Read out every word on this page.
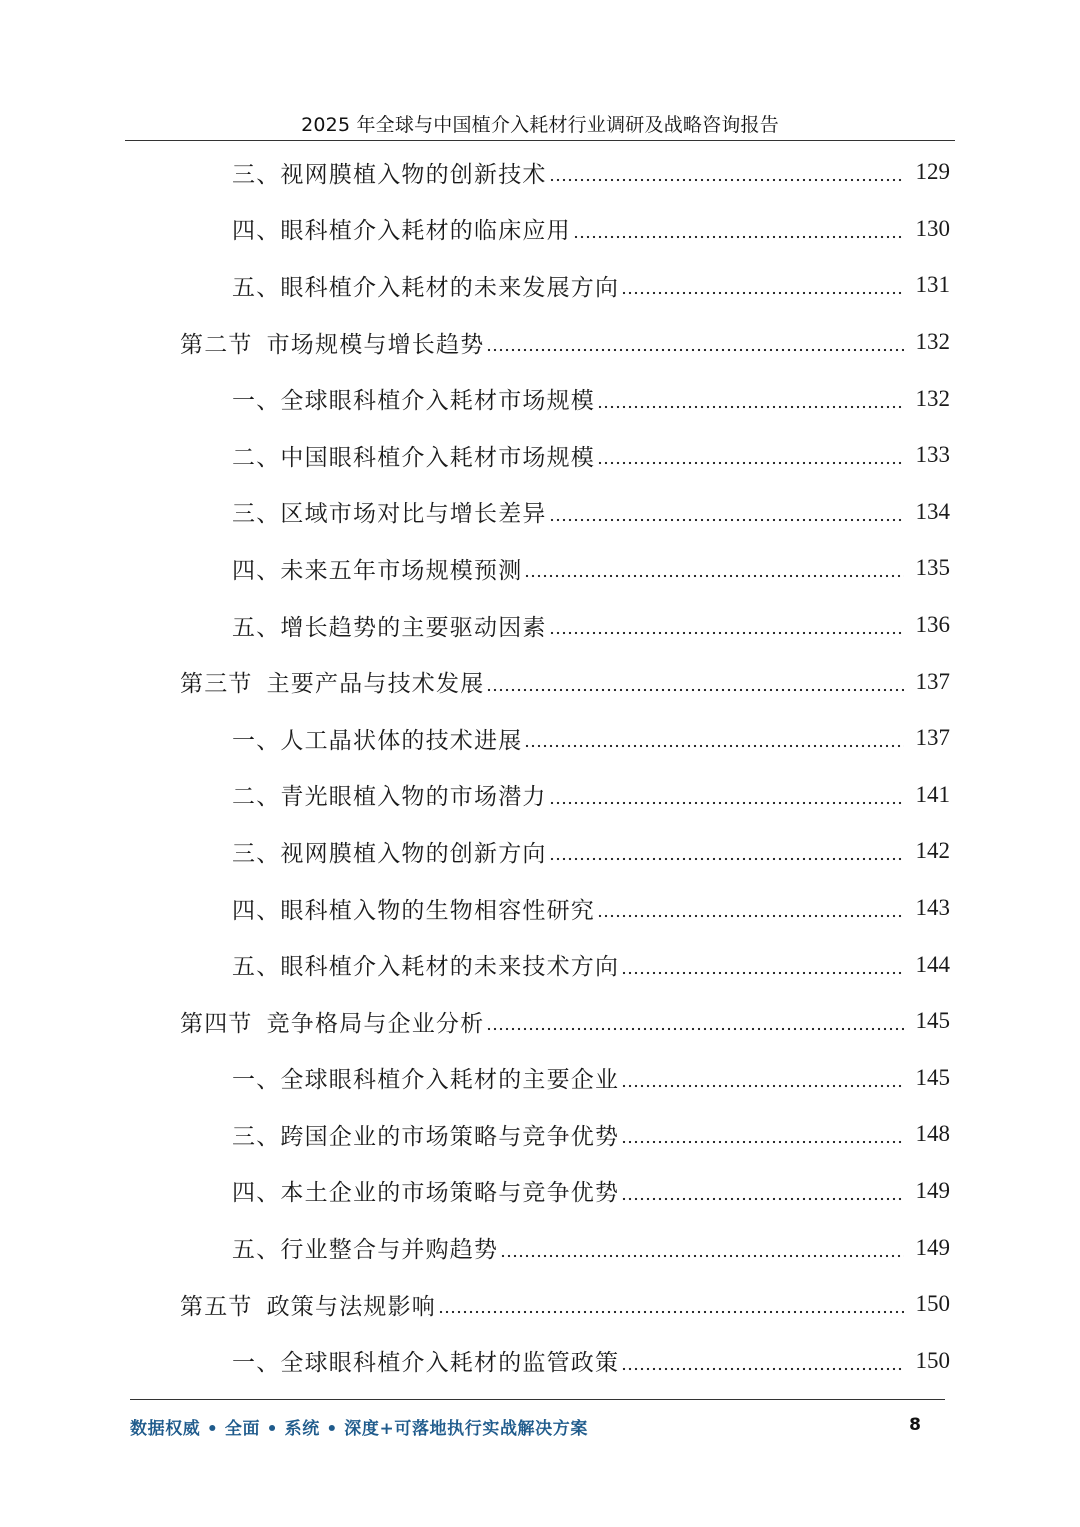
2025 年全球与中国植介入耗材行业调研及战略咨询报告
三、视网膜植入物的创新技术	129
四、眼科植介入耗材的临床应用	130
五、眼科植介入耗材的未来发展方向	131
第二节 市场规模与增长趋势	132
一、全球眼科植介入耗材市场规模	132
二、中国眼科植介入耗材市场规模	133
三、区域市场对比与增长差异	134
四、未来五年市场规模预测	135
五、增长趋势的主要驱动因素	136
第三节 主要产品与技术发展	137
一、人工晶状体的技术进展	137
二、青光眼植入物的市场潜力	141
三、视网膜植入物的创新方向	142
四、眼科植入物的生物相容性研究	143
五、眼科植介入耗材的未来技术方向	144
第四节 竞争格局与企业分析	145
一、全球眼科植介入耗材的主要企业	145
三、跨国企业的市场策略与竞争优势	148
四、本土企业的市场策略与竞争优势	149
五、行业整合与并购趋势	149
第五节 政策与法规影响	150
一、全球眼科植介入耗材的监管政策	150
数据权威 • 全面 • 系统 • 深度+可落地执行实战解决方案	8
